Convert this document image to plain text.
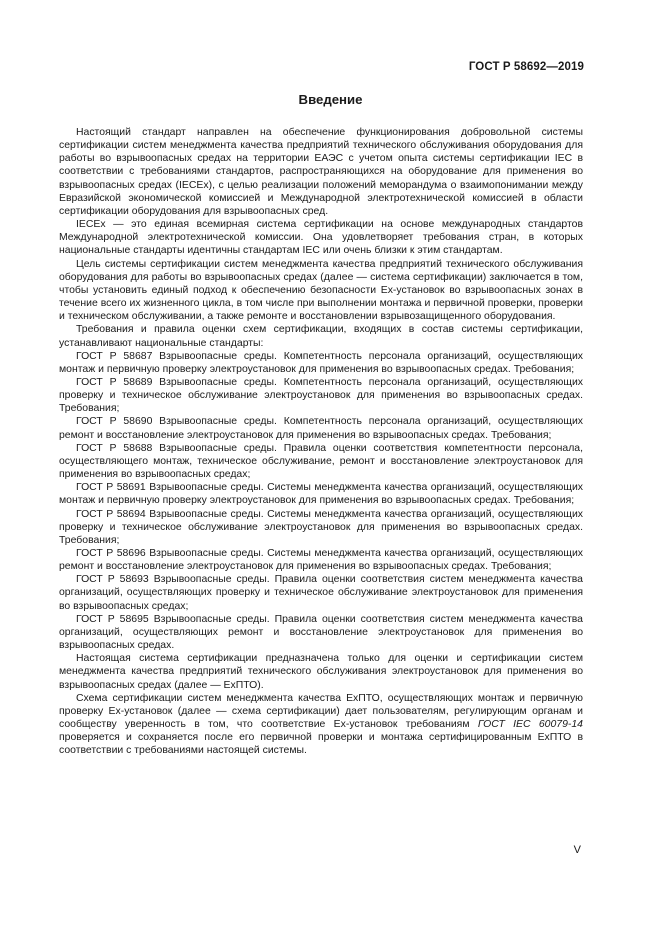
ГОСТ Р 58692—2019
Введение

Настоящий стандарт направлен на обеспечение функционирования добровольной системы сертификации систем менеджмента качества предприятий технического обслуживания оборудования для работы во взрывоопасных средах на территории ЕАЭС с учетом опыта системы сертификации IEC в соответствии с требованиями стандартов, распространяющихся на оборудование для применения во взрывоопасных средах (IECEx), с целью реализации положений меморандума о взаимопонимании между Евразийской экономической комиссией и Международной электротехнической комиссией в области сертификации оборудования для взрывоопасных сред.

IECEx — это единая всемирная система сертификации на основе международных стандартов Международной электротехнической комиссии. Она удовлетворяет требования стран, в которых национальные стандарты идентичны стандартам IEC или очень близки к этим стандартам.

Цель системы сертификации систем менеджмента качества предприятий технического обслуживания оборудования для работы во взрывоопасных средах (далее — система сертификации) заключается в том, чтобы установить единый подход к обеспечению безопасности Ex-установок во взрывоопасных зонах в течение всего их жизненного цикла, в том числе при выполнении монтажа и первичной проверки, проверки и техническом обслуживании, а также ремонте и восстановлении взрывозащищенного оборудования.

Требования и правила оценки схем сертификации, входящих в состав системы сертификации, устанавливают национальные стандарты:

ГОСТ Р 58687 Взрывоопасные среды. Компетентность персонала организаций, осуществляющих монтаж и первичную проверку электроустановок для применения во взрывоопасных средах. Требования;

ГОСТ Р 58689 Взрывоопасные среды. Компетентность персонала организаций, осуществляющих проверку и техническое обслуживание электроустановок для применения во взрывоопасных средах. Требования;

ГОСТ Р 58690 Взрывоопасные среды. Компетентность персонала организаций, осуществляющих ремонт и восстановление электроустановок для применения во взрывоопасных средах. Требования;

ГОСТ Р 58688 Взрывоопасные среды. Правила оценки соответствия компетентности персонала, осуществляющего монтаж, техническое обслуживание, ремонт и восстановление электроустановок для применения во взрывоопасных средах;

ГОСТ Р 58691 Взрывоопасные среды. Системы менеджмента качества организаций, осуществляющих монтаж и первичную проверку электроустановок для применения во взрывоопасных средах. Требования;

ГОСТ Р 58694 Взрывоопасные среды. Системы менеджмента качества организаций, осуществляющих проверку и техническое обслуживание электроустановок для применения во взрывоопасных средах. Требования;

ГОСТ Р 58696 Взрывоопасные среды. Системы менеджмента качества организаций, осуществляющих ремонт и восстановление электроустановок для применения во взрывоопасных средах. Требования;

ГОСТ Р 58693 Взрывоопасные среды. Правила оценки соответствия систем менеджмента качества организаций, осуществляющих проверку и техническое обслуживание электроустановок для применения во взрывоопасных средах;

ГОСТ Р 58695 Взрывоопасные среды. Правила оценки соответствия систем менеджмента качества организаций, осуществляющих ремонт и восстановление электроустановок для применения во взрывоопасных средах.

Настоящая система сертификации предназначена только для оценки и сертификации систем менеджмента качества предприятий технического обслуживания электроустановок для применения во взрывоопасных средах (далее — ЕхПТО).

Схема сертификации систем менеджмента качества ЕхПТО, осуществляющих монтаж и первичную проверку Ex-установок (далее — схема сертификации) дает пользователям, регулирующим органам и сообществу уверенность в том, что соответствие Ex-установок требованиям ГОСТ IEC 60079-14 проверяется и сохраняется после его первичной проверки и монтажа сертифицированным ЕхПТО в соответствии с требованиями настоящей системы.

V
